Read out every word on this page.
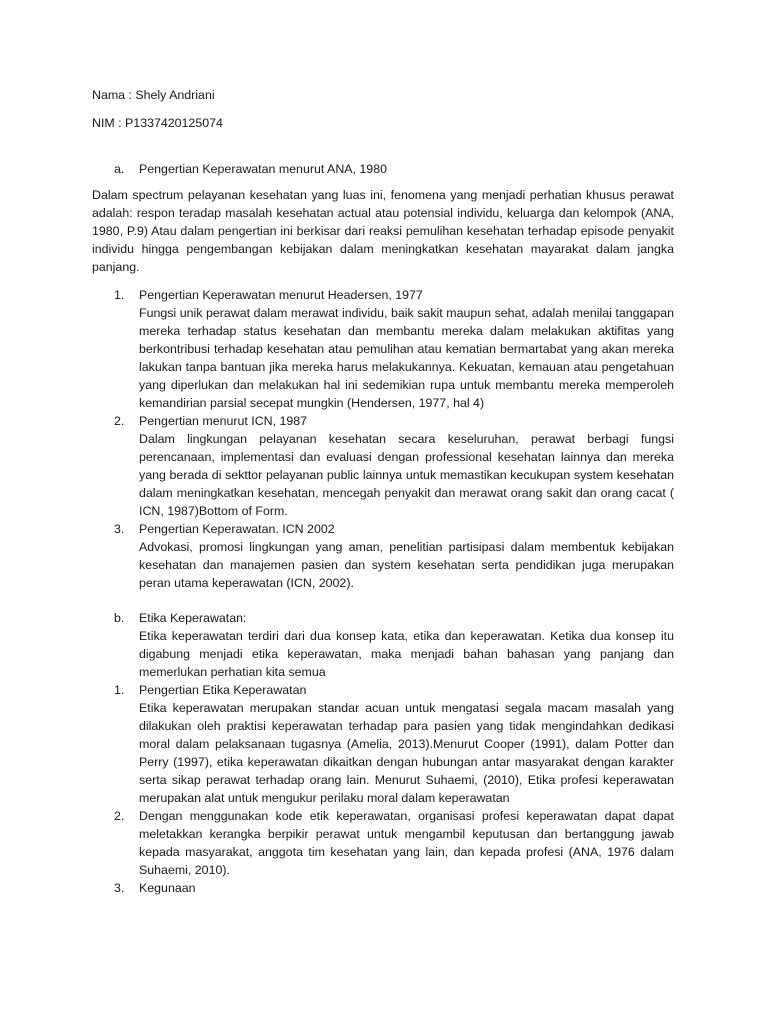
Nama : Shely Andriani

NIM : P1337420125074

a.	Pengertian Keperawatan menurut ANA, 1980

Dalam spectrum pelayanan kesehatan yang luas ini, fenomena yang menjadi perhatian khusus perawat adalah: respon teradap masalah kesehatan actual atau potensial individu, keluarga dan kelompok (ANA, 1980, P.9) Atau dalam pengertian ini berkisar dari reaksi pemulihan kesehatan terhadap episode penyakit individu hingga pengembangan kebijakan dalam meningkatkan kesehatan mayarakat dalam jangka panjang.

1.	Pengertian Keperawatan menurut Headersen, 1977
Fungsi unik perawat dalam merawat individu, baik sakit maupun sehat, adalah menilai tanggapan mereka terhadap status kesehatan dan membantu mereka dalam melakukan aktifitas yang berkontribusi terhadap kesehatan atau pemulihan atau kematian bermartabat yang akan mereka lakukan tanpa bantuan jika mereka harus melakukannya. Kekuatan, kemauan atau pengetahuan yang diperlukan dan melakukan hal ini sedemikian rupa untuk membantu mereka memperoleh kemandirian parsial secepat mungkin (Hendersen, 1977, hal 4)
2.	Pengertian menurut ICN, 1987
Dalam lingkungan pelayanan kesehatan secara keseluruhan, perawat berbagi fungsi perencanaan, implementasi dan evaluasi dengan professional kesehatan lainnya dan mereka yang berada di sekttor pelayanan public lainnya untuk memastikan kecukupan system kesehatan dalam meningkatkan kesehatan, mencegah penyakit dan merawat orang sakit dan orang cacat ( ICN, 1987)Bottom of Form.
3.	Pengertian Keperawatan. ICN 2002
Advokasi, promosi lingkungan yang aman, penelitian partisipasi dalam membentuk kebijakan kesehatan dan manajemen pasien dan system kesehatan serta pendidikan juga merupakan peran utama keperawatan (ICN, 2002).
b.	Etika Keperawatan:
Etika keperawatan terdiri dari dua konsep kata, etika dan keperawatan. Ketika dua konsep itu digabung menjadi etika keperawatan, maka menjadi bahan bahasan yang panjang dan memerlukan perhatian kita semua
1.	Pengertian Etika Keperawatan
Etika keperawatan merupakan standar acuan untuk mengatasi segala macam masalah yang dilakukan oleh praktisi keperawatan terhadap para pasien yang tidak mengindahkan dedikasi moral dalam pelaksanaan tugasnya (Amelia, 2013).Menurut Cooper (1991), dalam Potter dan Perry (1997), etika keperawatan dikaitkan dengan hubungan antar masyarakat dengan karakter serta sikap perawat terhadap orang lain. Menurut Suhaemi, (2010), Etika profesi keperawatan merupakan alat untuk mengukur perilaku moral dalam keperawatan
2.	Dengan menggunakan kode etik keperawatan, organisasi profesi keperawatan dapat dapat meletakkan kerangka berpikir perawat untuk mengambil keputusan dan bertanggung jawab kepada masyarakat, anggota tim kesehatan yang lain, dan kepada profesi (ANA, 1976 dalam Suhaemi, 2010).
3.	Kegunaan
